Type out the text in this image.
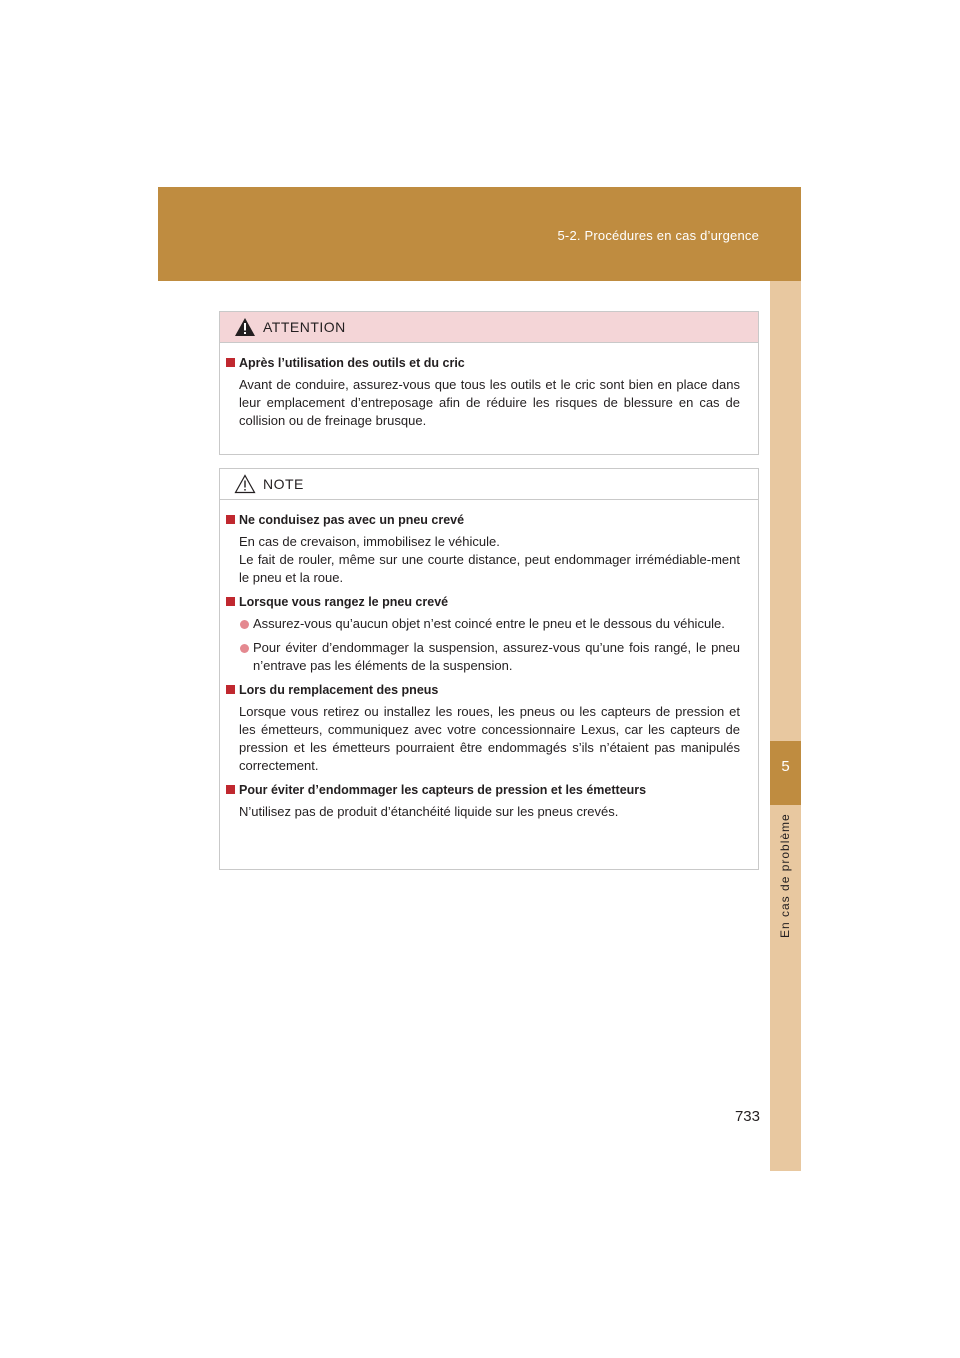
5-2. Procédures en cas d’urgence
5
En cas de problème
ATTENTION
Après l’utilisation des outils et du cric
Avant de conduire, assurez-vous que tous les outils et le cric sont bien en place dans leur emplacement d’entreposage afin de réduire les risques de blessure en cas de collision ou de freinage brusque.
NOTE
Ne conduisez pas avec un pneu crevé
En cas de crevaison, immobilisez le véhicule.
Le fait de rouler, même sur une courte distance, peut endommager irrémédiable-ment le pneu et la roue.
Lorsque vous rangez le pneu crevé
Assurez-vous qu’aucun objet n’est coincé entre le pneu et le dessous du véhicule.
Pour éviter d’endommager la suspension, assurez-vous qu’une fois rangé, le pneu n’entrave pas les éléments de la suspension.
Lors du remplacement des pneus
Lorsque vous retirez ou installez les roues, les pneus ou les capteurs de pression et les émetteurs, communiquez avec votre concessionnaire Lexus, car les capteurs de pression et les émetteurs pourraient être endommagés s’ils n’étaient pas manipulés correctement.
Pour éviter d’endommager les capteurs de pression et les émetteurs
N’utilisez pas de produit d’étanchéité liquide sur les pneus crevés.
733
